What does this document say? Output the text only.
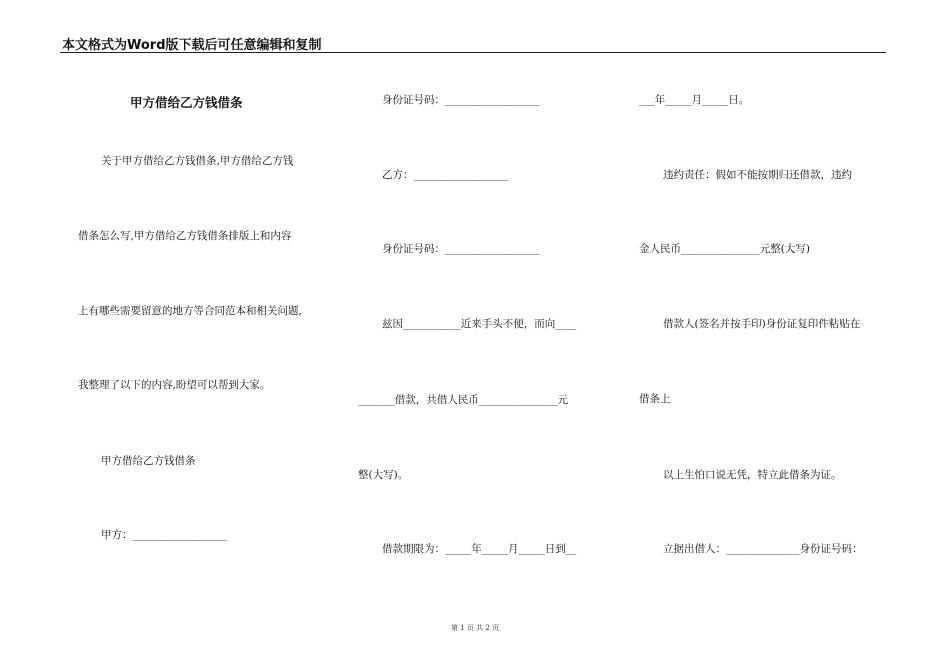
本文格式为Word版下载后可任意编辑和复制
甲方借给乙方钱借条
关于甲方借给乙方钱借条,甲方借给乙方钱
借条怎么写,甲方借给乙方钱借条排版上和内容
上有哪些需要留意的地方等合同范本和相关问题,
我整理了以下的内容,盼望可以帮到大家。
甲方借给乙方钱借条
甲方：__________________
身份证号码：__________________
乙方：__________________
身份证号码：__________________
兹因___________近来手头不便，而向____
_______借款，共借人民币_______________元
整(大写)。
借款期限为：_____年_____月_____日到__
___年_____月_____日。
违约责任：假如不能按期归还借款，违约
金人民币_______________元整(大写)
借款人(签名并按手印)身份证复印件粘贴在
借条上
以上生怕口说无凭，特立此借条为证。
立据出借人：______________身份证号码：
第 1 页 共 2 页
